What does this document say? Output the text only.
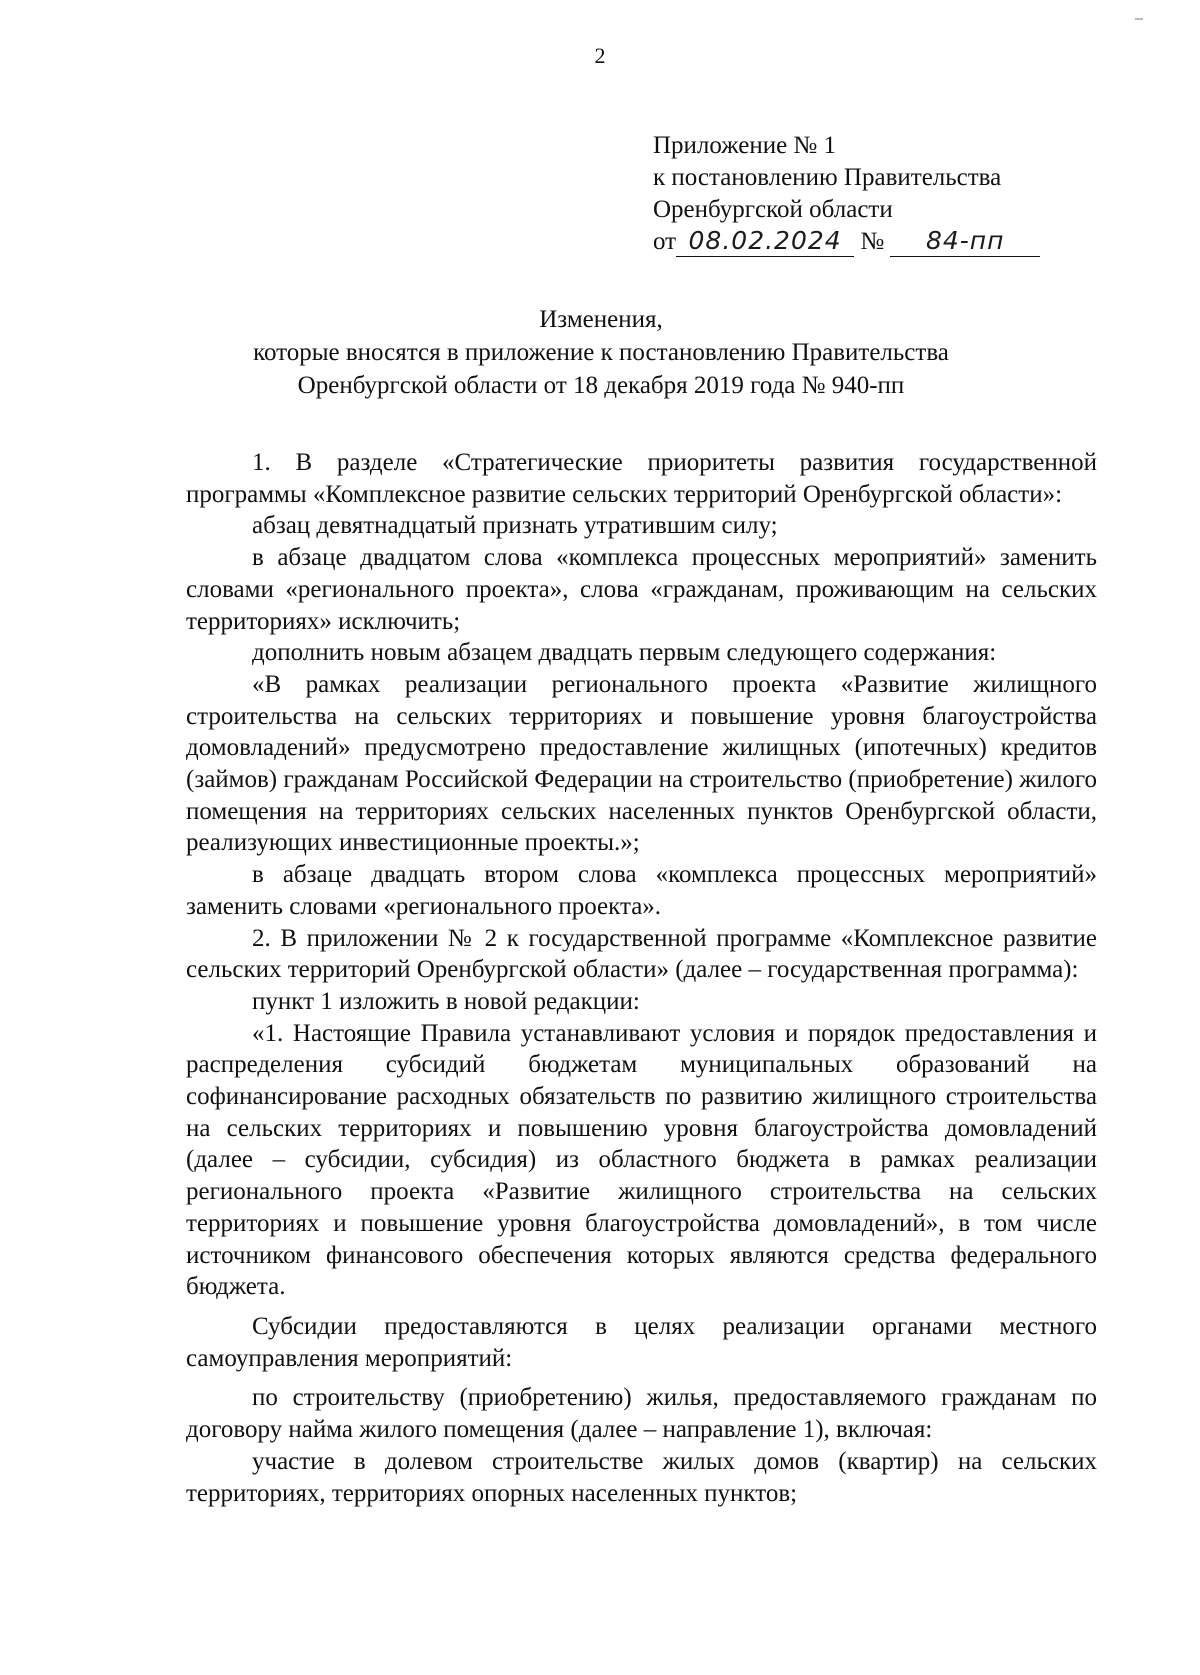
2
Приложение № 1
к постановлению Правительства
Оренбургской области
от 08.02.2024 № 84-пп
Изменения,
которые вносятся в приложение к постановлению Правительства
Оренбургской области от 18 декабря 2019 года № 940-пп

1. В разделе «Стратегические приоритеты развития государственной программы «Комплексное развитие сельских территорий Оренбургской области»:

абзац девятнадцатый признать утратившим силу;

в абзаце двадцатом слова «комплекса процессных мероприятий» заменить словами «регионального проекта», слова «гражданам, проживающим на сельских территориях» исключить;

дополнить новым абзацем двадцать первым следующего содержания:

«В рамках реализации регионального проекта «Развитие жилищного строительства на сельских территориях и повышение уровня благоустройства домовладений» предусмотрено предоставление жилищных (ипотечных) кредитов (займов) гражданам Российской Федерации на строительство (приобретение) жилого помещения на территориях сельских населенных пунктов Оренбургской области, реализующих инвестиционные проекты.»;

в абзаце двадцать втором слова «комплекса процессных мероприятий» заменить словами «регионального проекта».

2. В приложении № 2 к государственной программе «Комплексное развитие сельских территорий Оренбургской области» (далее – государственная программа):

пункт 1 изложить в новой редакции:

«1. Настоящие Правила устанавливают условия и порядок предоставления и распределения субсидий бюджетам муниципальных образований на софинансирование расходных обязательств по развитию жилищного строительства на сельских территориях и повышению уровня благоустройства домовладений (далее – субсидии, субсидия) из областного бюджета в рамках реализации регионального проекта «Развитие жилищного строительства на сельских территориях и повышение уровня благоустройства домовладений», в том числе источником финансового обеспечения которых являются средства федерального бюджета.

Субсидии предоставляются в целях реализации органами местного самоуправления мероприятий:

по строительству (приобретению) жилья, предоставляемого гражданам по договору найма жилого помещения (далее – направление 1), включая:

участие в долевом строительстве жилых домов (квартир) на сельских территориях, территориях опорных населенных пунктов;
